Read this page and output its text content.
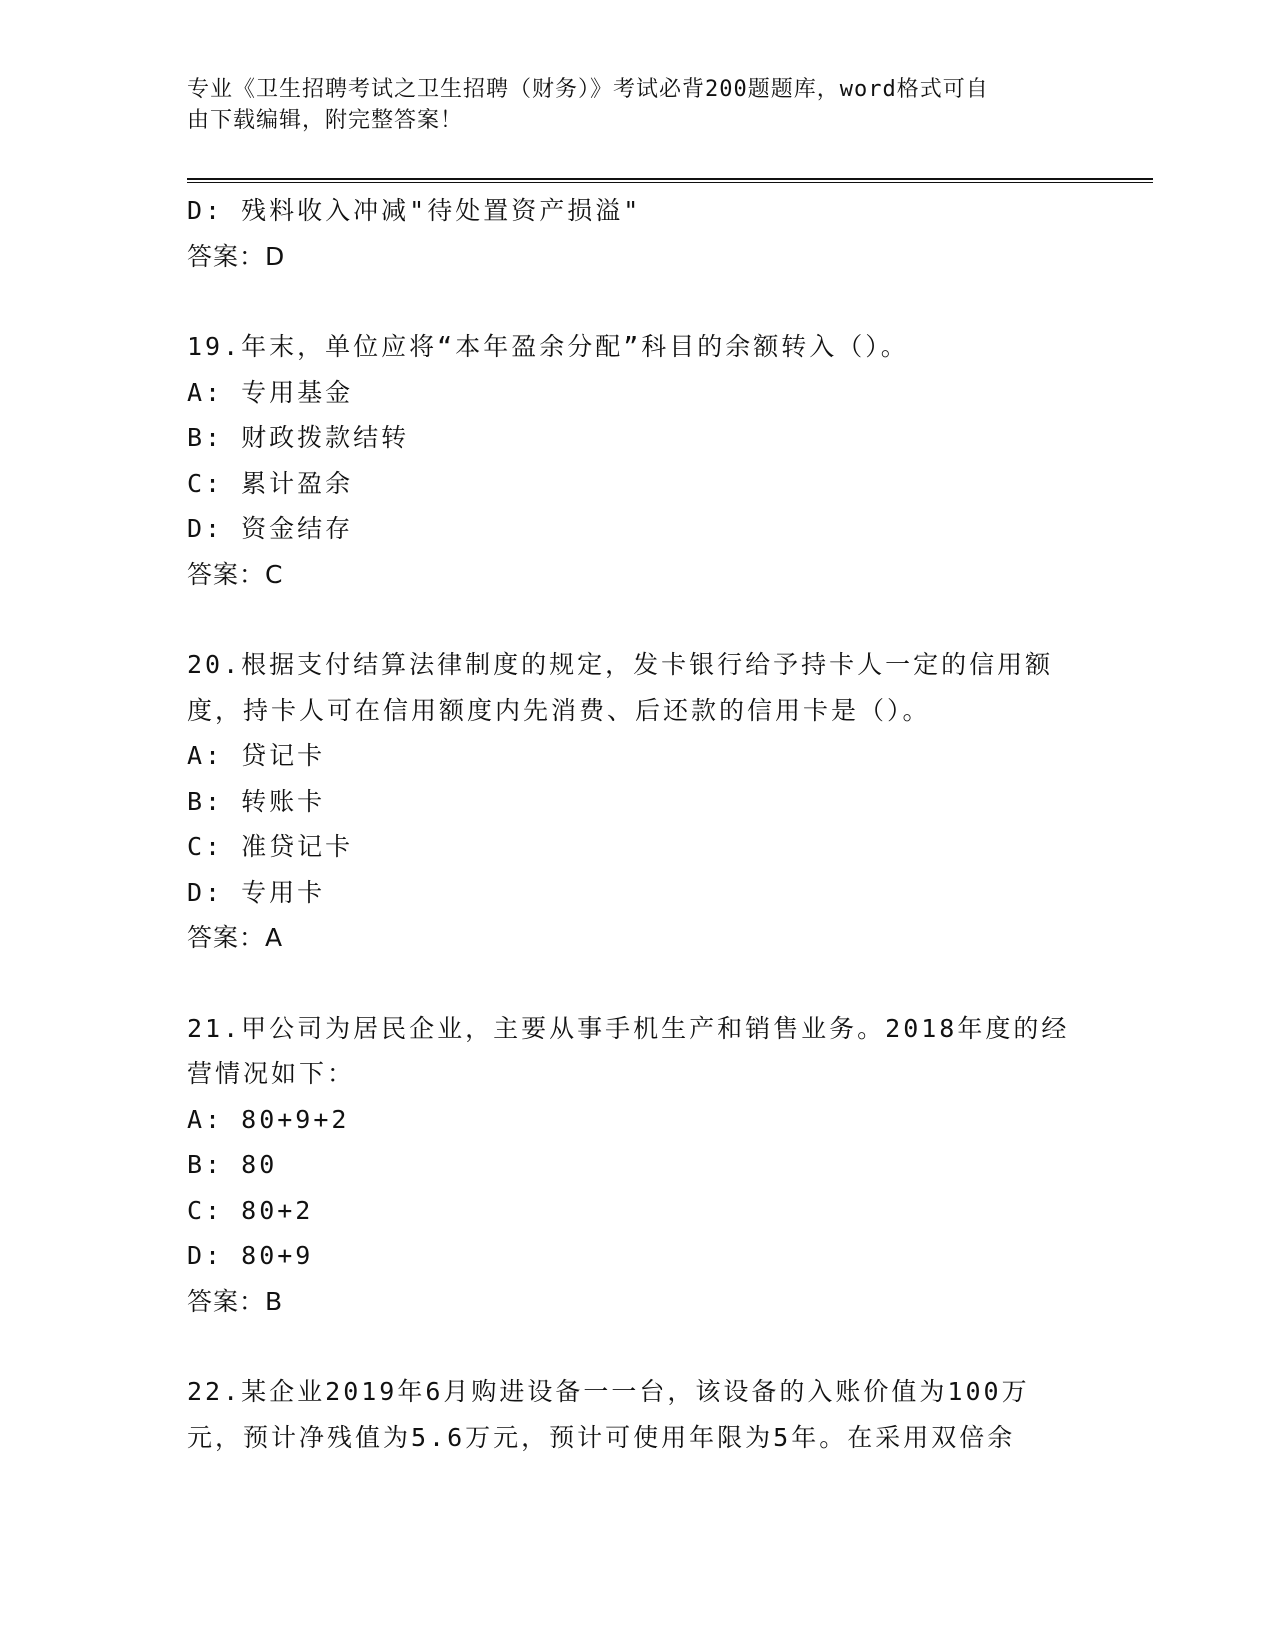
专业《卫生招聘考试之卫生招聘（财务）》考试必背200题题库，word格式可自
由下载编辑，附完整答案！
D: 残料收入冲减"待处置资产损溢"
答案：D
19.年末，单位应将“本年盈余分配”科目的余额转入（）。
A: 专用基金
B: 财政拨款结转
C: 累计盈余
D: 资金结存
答案：C
20.根据支付结算法律制度的规定，发卡银行给予持卡人一定的信用额
度，持卡人可在信用额度内先消费、后还款的信用卡是（）。
A: 贷记卡
B: 转账卡
C: 准贷记卡
D: 专用卡
答案：A
21.甲公司为居民企业，主要从事手机生产和销售业务。2018年度的经
营情况如下：
A: 80+9+2
B: 80
C: 80+2
D: 80+9
答案：B
22.某企业2019年6月购进设备一一台，该设备的入账价值为100万
元，预计净残值为5.6万元，预计可使用年限为5年。在采用双倍余
